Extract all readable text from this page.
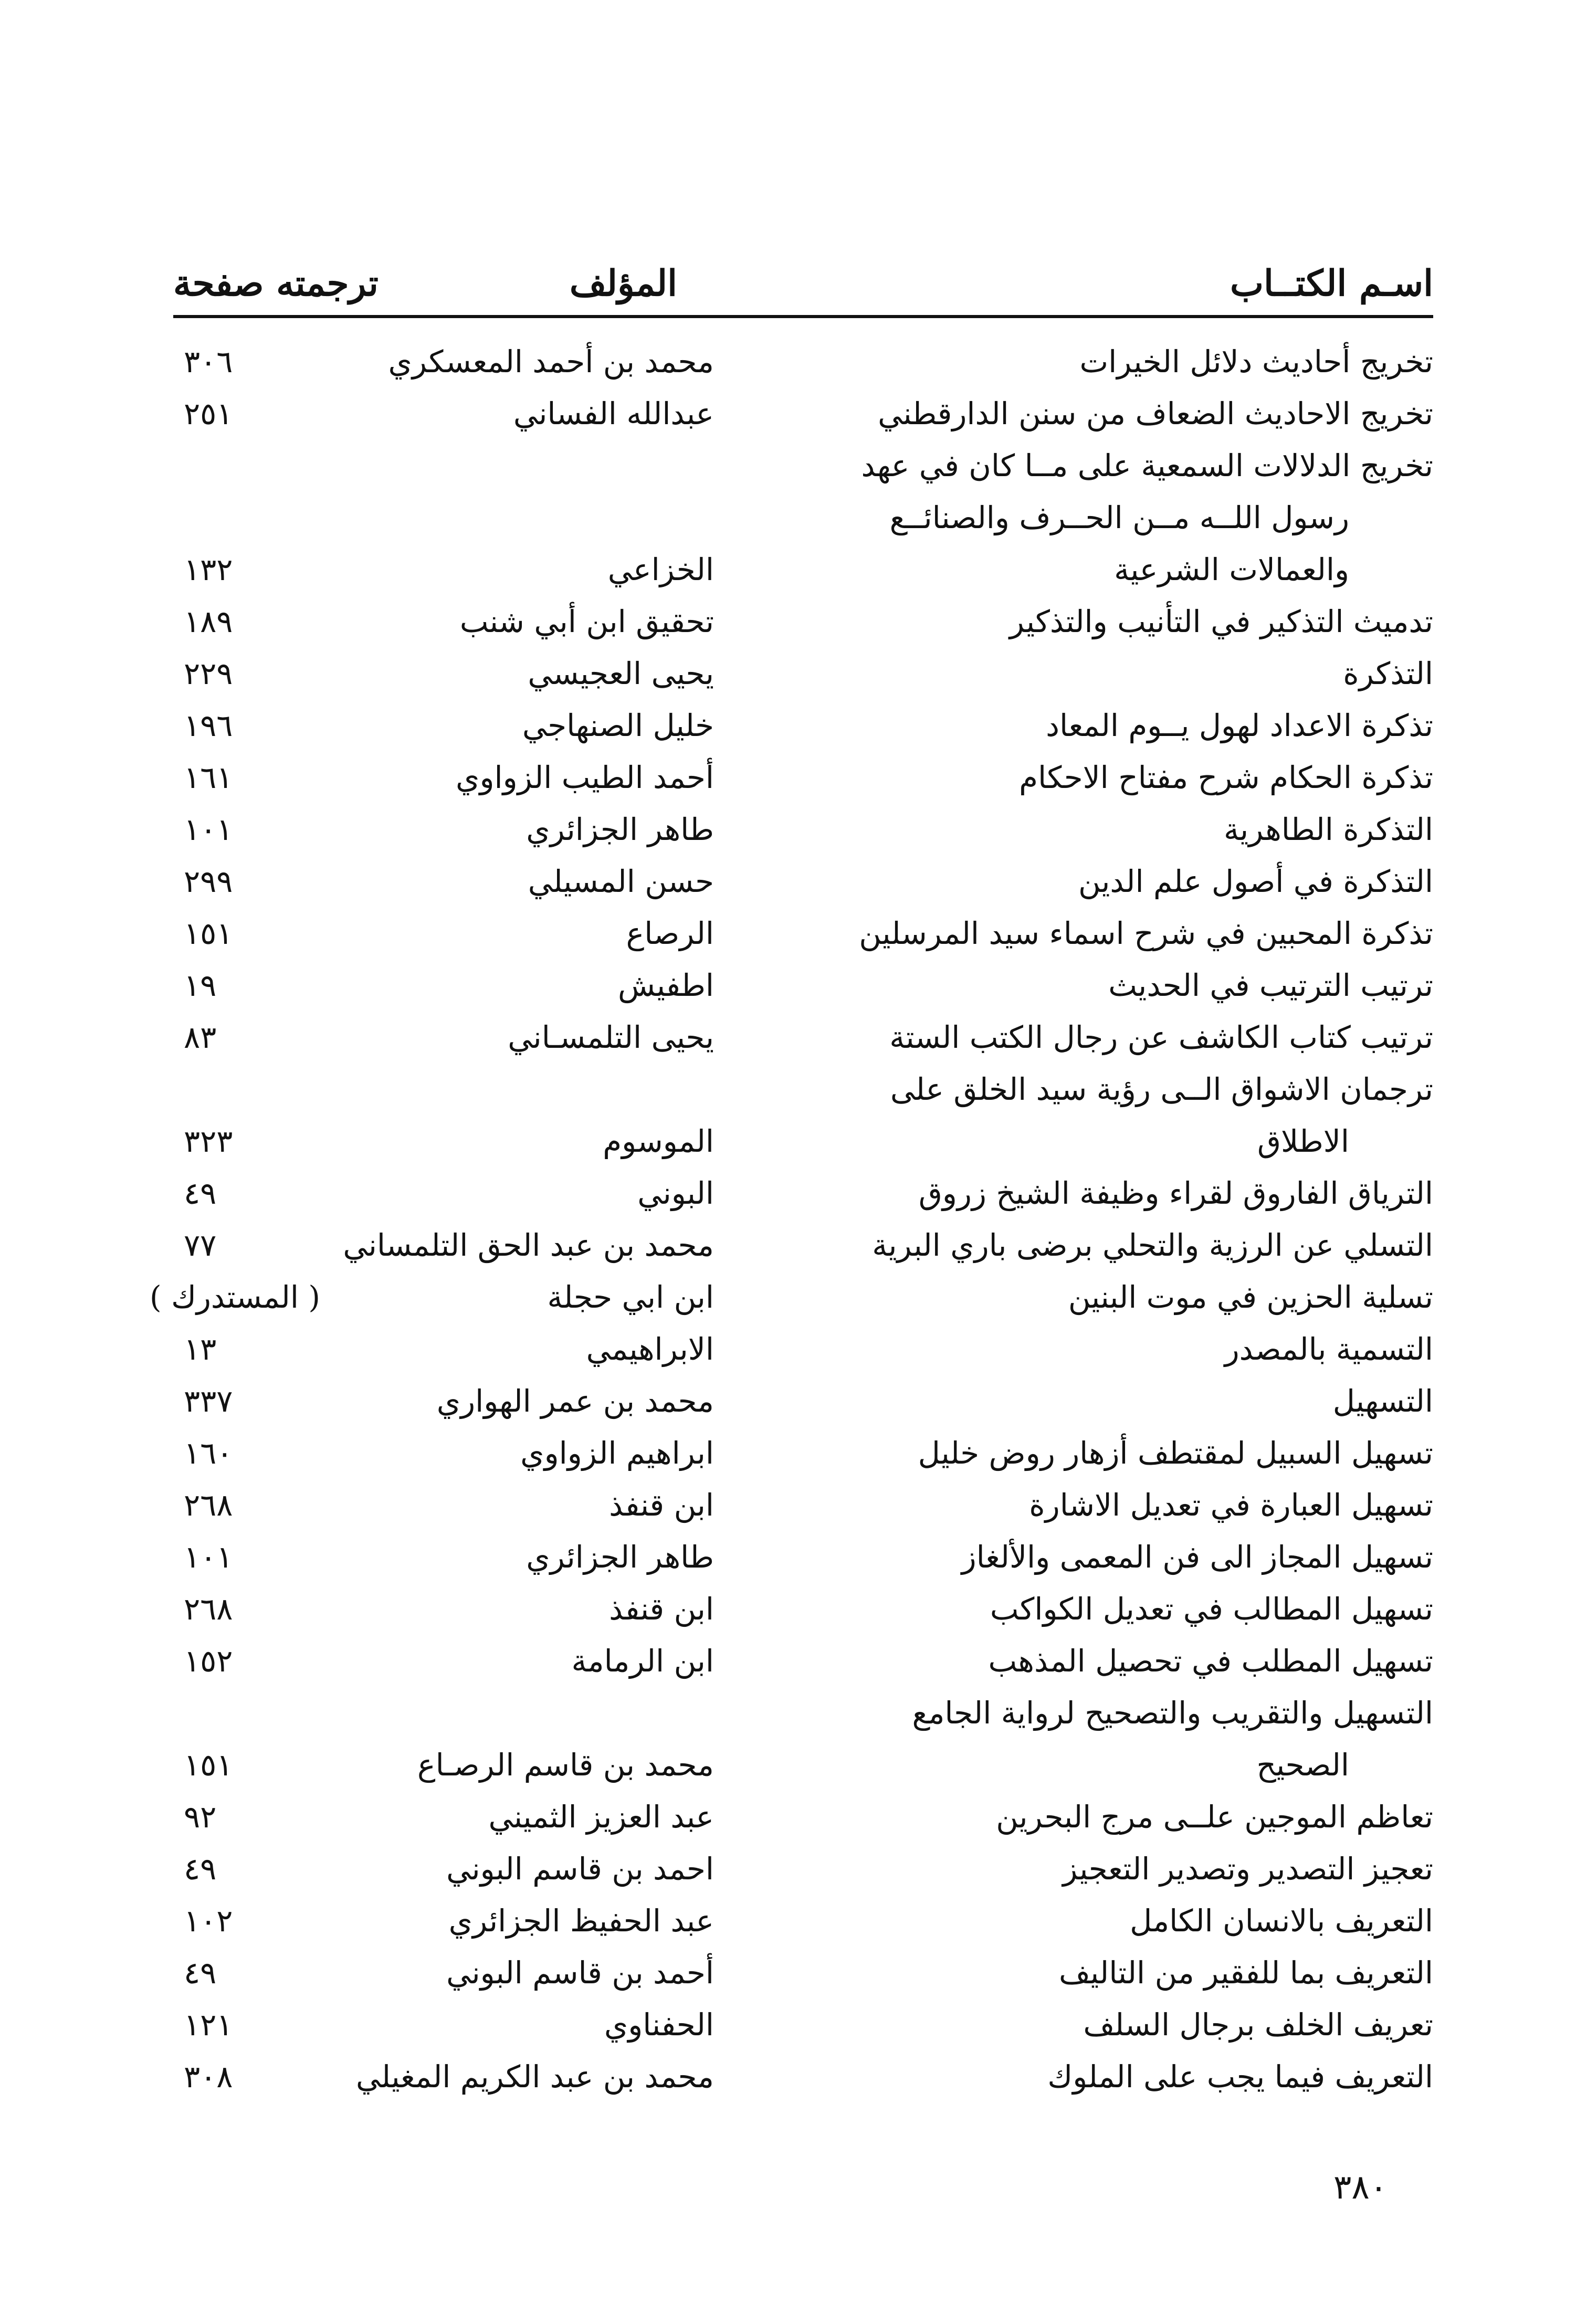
اسـم الكتــاب
المؤلف
ترجمته صفحة
تخريج أحاديث دلائل الخيرات
محمد بن أحمد المعسكري
٣٠٦
تخريج الاحاديث الضعاف من سنن الدارقطني
عبدالله الفساني
٢٥١
تخريج الدلالات السمعية على مــا كان في عهد
رسول اللــه مــن الحــرف والصنائــع
والعمالات الشرعية
الخزاعي
١٣٢
تدميث التذكير في التأنيب والتذكير
تحقيق ابن أبي شنب
١٨٩
التذكرة
يحيى العجيسي
٢٢٩
تذكرة الاعداد لهول يــوم المعاد
خليل الصنهاجي
١٩٦
تذكرة الحكام شرح مفتاح الاحكام
أحمد الطيب الزواوي
١٦١
التذكرة الطاهرية
طاهر الجزائري
١٠١
التذكرة في أصول علم الدين
حسن المسيلي
٢٩٩
تذكرة المحبين في شرح اسماء سيد المرسلين
الرصاع
١٥١
ترتيب الترتيب في الحديث
اطفيش
١٩
ترتيب كتاب الكاشف عن رجال الكتب الستة
يحيى التلمسـاني
٨٣
ترجمان الاشواق الــى رؤية سيد الخلق على
الاطلاق
الموسوم
٣٢٣
الترياق الفاروق لقراء وظيفة الشيخ زروق
البوني
٤٩
التسلي عن الرزية والتحلي برضى باري البرية
محمد بن عبد الحق التلمساني
٧٧
تسلية الحزين في موت البنين
ابن ابي حجلة
( المستدرك )
التسمية بالمصدر
الابراهيمي
١٣
التسهيل
محمد بن عمر الهواري
٣٣٧
تسهيل السبيل لمقتطف أزهار روض خليل
ابراهيم الزواوي
١٦٠
تسهيل العبارة في تعديل الاشارة
ابن قنفذ
٢٦٨
تسهيل المجاز الى فن المعمى والألغاز
طاهر الجزائري
١٠١
تسهيل المطالب في تعديل الكواكب
ابن قنفذ
٢٦٨
تسهيل المطلب في تحصيل المذهب
ابن الرمامة
١٥٢
التسهيل والتقريب والتصحيح لرواية الجامع
الصحيح
محمد بن قاسم الرصـاع
١٥١
تعاظم الموجين علــى مرج البحرين
عبد العزيز الثميني
٩٢
تعجيز التصدير وتصدير التعجيز
احمد بن قاسم البوني
٤٩
التعريف بالانسان الكامل
عبد الحفيظ الجزائري
١٠٢
التعريف بما للفقير من التاليف
أحمد بن قاسم البوني
٤٩
تعريف الخلف برجال السلف
الحفناوي
١٢١
التعريف فيما يجب على الملوك
محمد بن عبد الكريم المغيلي
٣٠٨
٣٨٠
